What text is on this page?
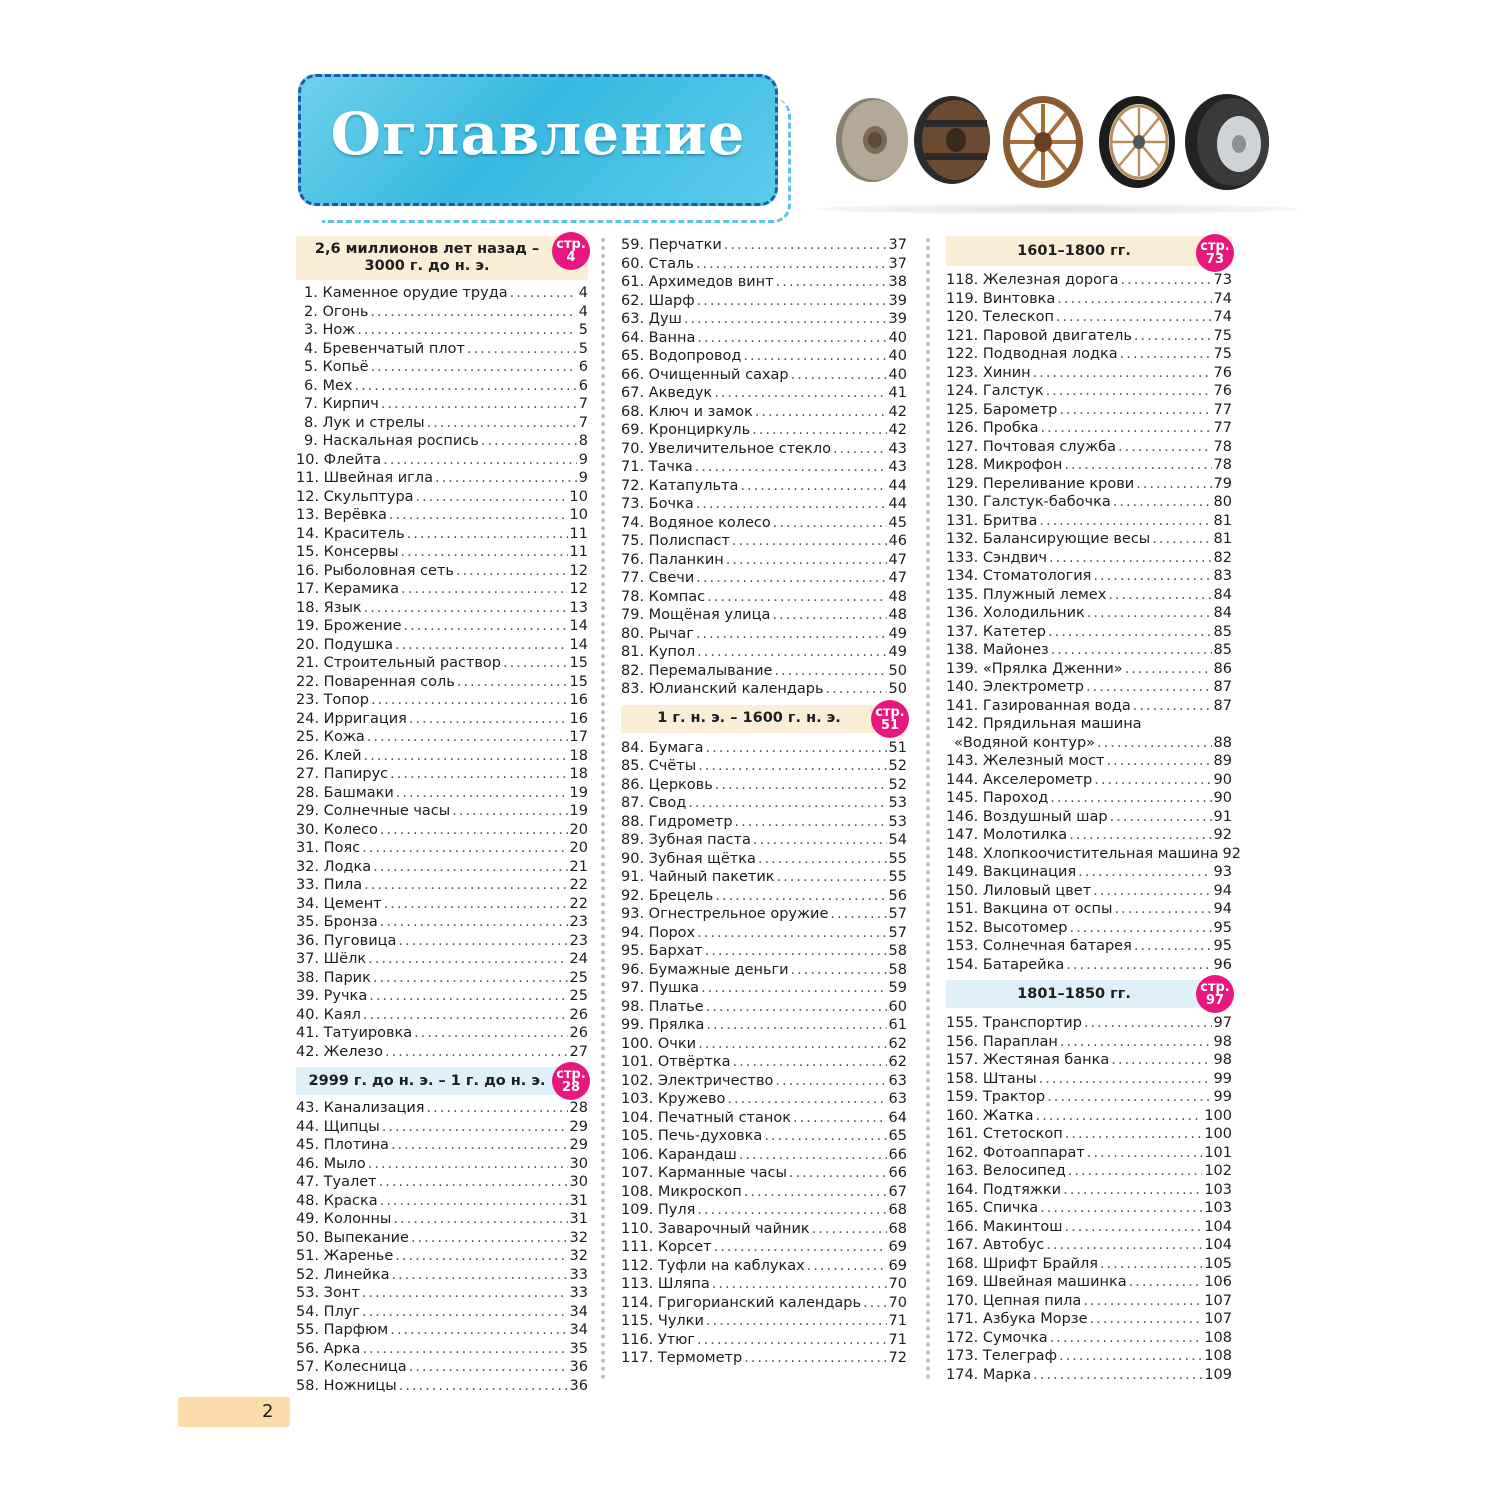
Оглавление
2,6 миллионов лет назад – 3000 г. до н. э.
стр.
4
1. Каменное орудие труда .....	4
2. Огонь .....	4
3. Нож .....	5
4. Бревенчатый плот .....	5
5. Копьё .....	6
6. Мех .....	6
7. Кирпич .....	7
8. Лук и стрелы .....	7
9. Наскальная роспись .....	8
10. Флейта .....	9
11. Швейная игла .....	9
12. Скульптура .....	10
13. Верёвка .....	10
14. Краситель .....	11
15. Консервы .....	11
16. Рыболовная сеть .....	12
17. Керамика .....	12
18. Язык .....	13
19. Брожение .....	14
20. Подушка .....	14
21. Строительный раствор .....	15
22. Поваренная соль .....	15
23. Топор .....	16
24. Ирригация .....	16
25. Кожа .....	17
26. Клей .....	18
27. Папирус .....	18
28. Башмаки .....	19
29. Солнечные часы .....	19
30. Колесо .....	20
31. Пояс .....	20
32. Лодка .....	21
33. Пила .....	22
34. Цемент .....	22
35. Бронза .....	23
36. Пуговица .....	23
37. Шёлк .....	24
38. Парик .....	25
39. Ручка .....	25
40. Каял .....	26
41. Татуировка .....	26
42. Железо .....	27
2999 г. до н. э. – 1 г. до н. э. стр.
28
43. Канализация .....	28
44. Щипцы .....	29
45. Плотина .....	29
46. Мыло .....	30
47. Туалет .....	30
48. Краска .....	31
49. Колонны .....	31
50. Выпекание .....	32
51. Жаренье .....	32
52. Линейка .....	33
53. Зонт .....	33
54. Плуг .....	34
55. Парфюм .....	34
56. Арка .....	35
57. Колесница .....	36
58. Ножницы .....	36
59. Перчатки .....	37
60. Сталь .....	37
61. Архимедов винт .....	38
62. Шарф .....	39
63. Душ .....	39
64. Ванна .....	40
65. Водопровод .....	40
66. Очищенный сахар .....	40
67. Акведук .....	41
68. Ключ и замок .....	42
69. Кронциркуль .....	42
70. Увеличительное стекло .....	43
71. Тачка .....	43
72. Катапульта .....	44
73. Бочка .....	44
74. Водяное колесо .....	45
75. Полиспаст .....	46
76. Паланкин .....	47
77. Свечи .....	47
78. Компас .....	48
79. Мощёная улица .....	48
80. Рычаг .....	49
81. Купол .....	49
82. Перемалывание .....	50
83. Юлианский календарь .....	50
1 г. н. э. – 1600 г. н. э.	стр.
51
84. Бумага .....	51
85. Счёты .....	52
86. Церковь .....	52
87. Свод .....	53
88. Гидрометр .....	53
89. Зубная паста .....	54
90. Зубная щётка .....	55
91. Чайный пакетик .....	55
92. Брецель .....	56
93. Огнестрельное оружие .....	57
94. Порох .....	57
95. Бархат .....	58
96. Бумажные деньги .....	58
97. Пушка .....	59
98. Платье .....	60
99. Прялка .....	61
100. Очки .....	62
101. Отвёртка .....	62
102. Электричество .....	63
103. Кружево .....	63
104. Печатный станок .....	64
105. Печь-духовка .....	65
106. Карандаш .....	66
107. Карманные часы .....	66
108. Микроскоп .....	67
109. Пуля .....	68
110. Заварочный чайник .....	68
111. Корсет .....	69
112. Туфли на каблуках .....	69
113. Шляпа .....	70
114. Григорианский календарь ..... 70
115. Чулки .....	71
116. Утюг .....	71
117. Термометр .....	72
1601–1800 гг.	стр.
73
118. Железная дорога .....	73
119. Винтовка .....	74
120. Телескоп .....	74
121. Паровой двигатель .....	75
122. Подводная лодка .....	75
123. Хинин .....	76
124. Галстук .....	76
125. Барометр .....	77
126. Пробка .....	77
127. Почтовая служба .....	78
128. Микрофон .....	78
129. Переливание крови .....	79
130. Галстук-бабочка .....	80
131. Бритва .....	81
132. Балансирующие весы .....	81
133. Сэндвич .....	82
134. Стоматология .....	83
135. Плужный лемех .....	84
136. Холодильник .....	84
137. Катетер .....	85
138. Майонез .....	85
139. «Прялка Дженни» .....	86
140. Электрометр .....	87
141. Газированная вода .....	87
142. Прядильная машина
«Водяной контур» .....	88
143. Железный мост .....	89
144. Акселерометр .....	90
145. Пароход .....	90
146. Воздушный шар .....	91
147. Молотилка .....	92
148. Хлопкоочистительная машина 92
149. Вакцинация .....	93
150. Лиловый цвет .....	94
151. Вакцина от оспы .....	94
152. Высотомер .....	95
153. Солнечная батарея .....	95
154. Батарейка .....	96
1801–1850 гг.	стр.
97
155. Транспортир .....	97
156. Параплан .....	98
157. Жестяная банка .....	98
158. Штаны .....	99
159. Трактор .....	99
160. Жатка .....	100
161. Стетоскоп .....	100
162. Фотоаппарат .....	101
163. Велосипед .....	102
164. Подтяжки .....	103
165. Спичка .....	103
166. Макинтош .....	104
167. Автобус .....	104
168. Шрифт Брайля .....	105
169. Швейная машинка .....	106
170. Цепная пила .....	107
171. Азбука Морзе .....	107
172. Сумочка .....	108
173. Телеграф .....	108
174. Марка .....	109
2
